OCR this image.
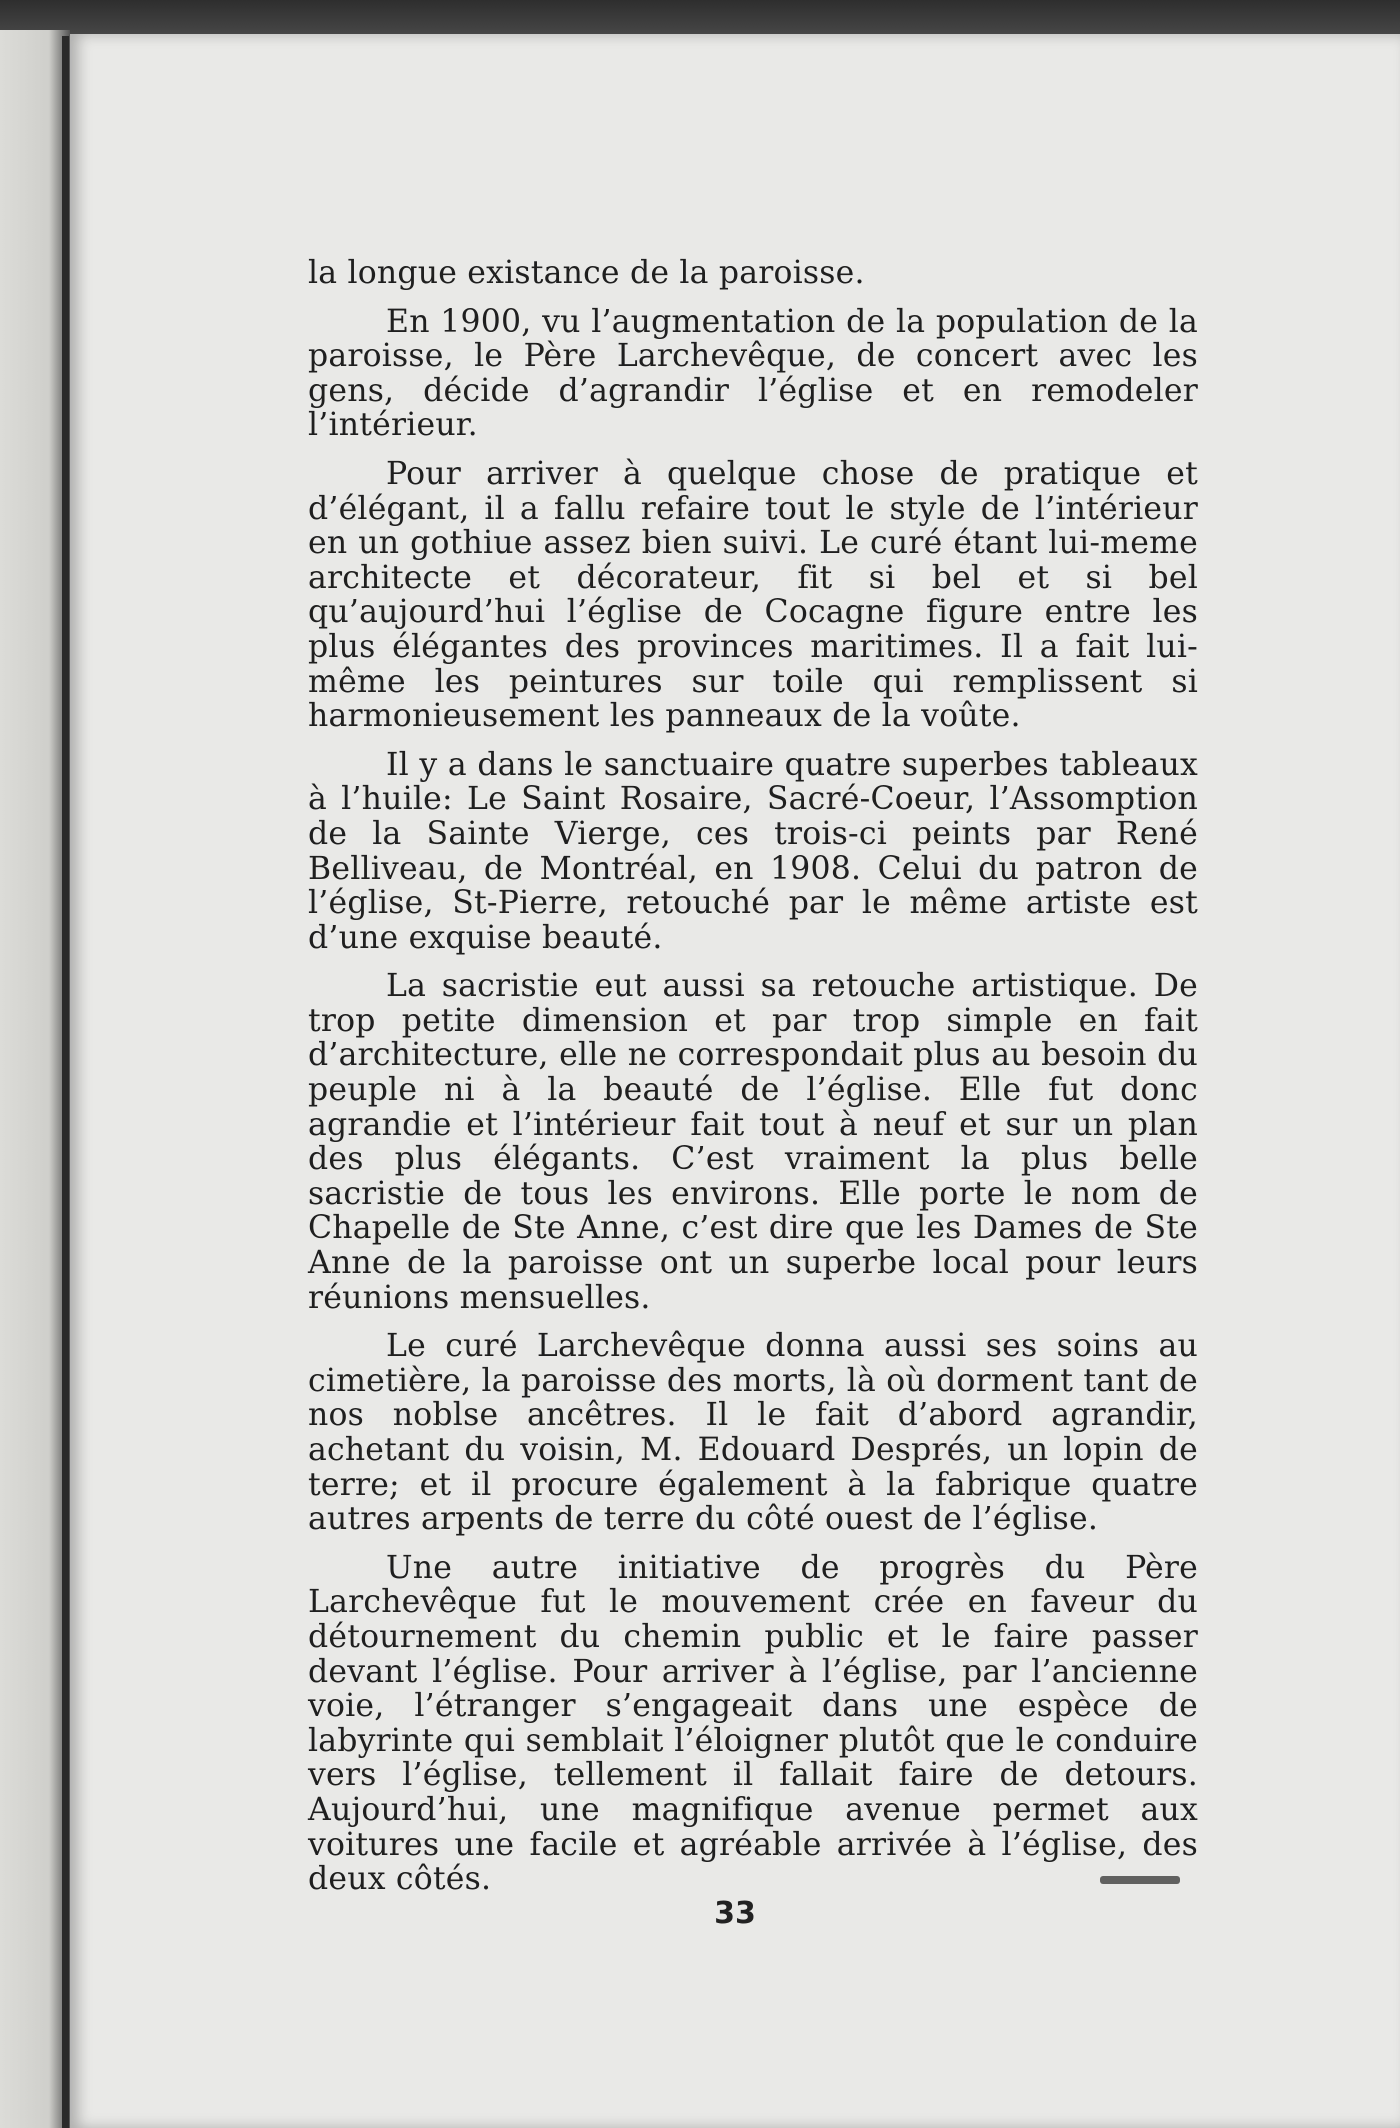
la longue existance de la paroisse.

En 1900, vu l’augmentation de la population de la paroisse, le Père Larchevêque, de concert avec les gens, décide d’agrandir l’église et en remodeler l’intérieur.

Pour arriver à quelque chose de pratique et d’élégant, il a fallu refaire tout le style de l’intérieur en un gothiue assez bien suivi. Le curé étant lui-meme architecte et décorateur, fit si bel et si bel qu’aujourd’hui l’église de Cocagne figure entre les plus élégantes des provinces maritimes. Il a fait lui-même les peintures sur toile qui remplissent si harmonieusement les panneaux de la voûte.

Il y a dans le sanctuaire quatre superbes tableaux à l’huile: Le Saint Rosaire, Sacré-Coeur, l’Assomption de la Sainte Vierge, ces trois-ci peints par René Belliveau, de Montréal, en 1908. Celui du patron de l’église, St-Pierre, retouché par le même artiste est d’une exquise beauté.

La sacristie eut aussi sa retouche artistique. De trop petite dimension et par trop simple en fait d’architecture, elle ne correspondait plus au besoin du peuple ni à la beauté de l’église. Elle fut donc agrandie et l’intérieur fait tout à neuf et sur un plan des plus élégants. C’est vraiment la plus belle sacristie de tous les environs. Elle porte le nom de Chapelle de Ste Anne, c’est dire que les Dames de Ste Anne de la paroisse ont un superbe local pour leurs réunions mensuelles.

Le curé Larchevêque donna aussi ses soins au cimetière, la paroisse des morts, là où dorment tant de nos noblse ancêtres. Il le fait d’abord agrandir, achetant du voisin, M. Edouard Després, un lopin de terre; et il procure également à la fabrique quatre autres arpents de terre du côté ouest de l’église.

Une autre initiative de progrès du Père Larchevêque fut le mouvement crée en faveur du détournement du chemin public et le faire passer devant l’église. Pour arriver à l’église, par l’ancienne voie, l’étranger s’engageait dans une espèce de labyrinte qui semblait l’éloigner plutôt que le conduire vers l’église, tellement il fallait faire de detours. Aujourd’hui, une magnifique avenue permet aux voitures une facile et agréable arrivée à l’église, des deux côtés.

33
